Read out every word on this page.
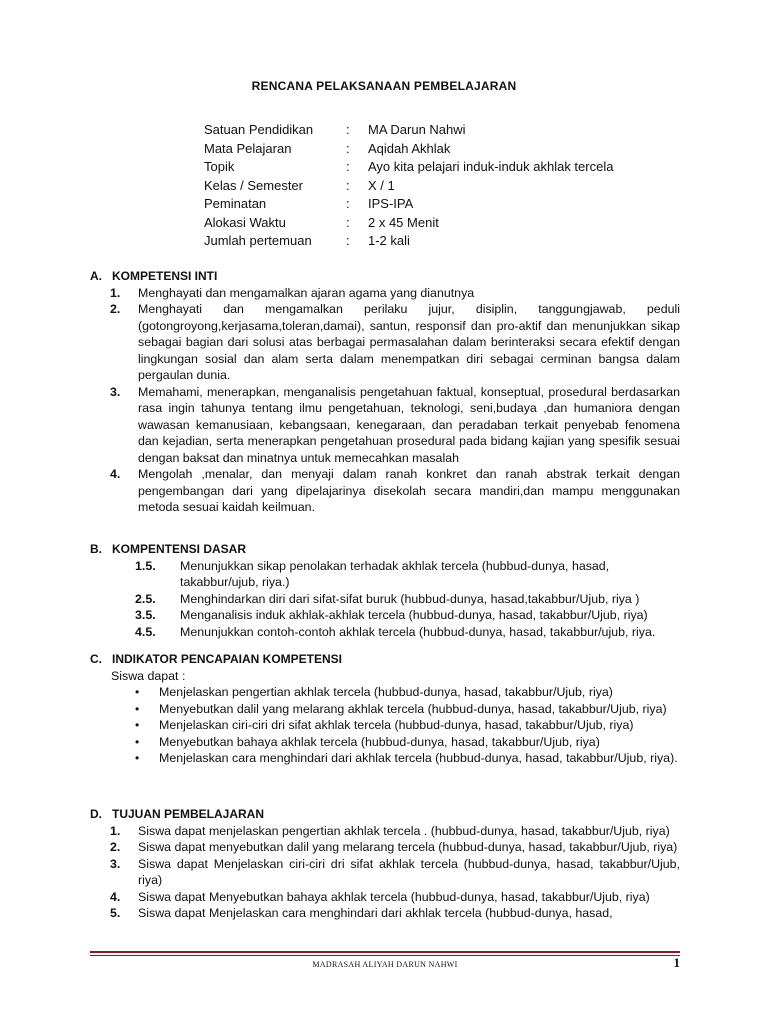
RENCANA PELAKSANAAN PEMBELAJARAN
Satuan Pendidikan	: MA Darun Nahwi
Mata Pelajaran	: Aqidah Akhlak
Topik	: Ayo kita pelajari induk-induk akhlak tercela
Kelas / Semester	: X / 1
Peminatan	: IPS-IPA
Alokasi Waktu	: 2 x 45 Menit
Jumlah pertemuan	: 1-2 kali
A. KOMPETENSI INTI
1. Menghayati dan mengamalkan ajaran agama yang dianutnya
2. Menghayati dan mengamalkan perilaku jujur, disiplin, tanggungjawab, peduli (gotongroyong,kerjasama,toleran,damai), santun, responsif dan pro-aktif dan menunjukkan sikap sebagai bagian dari solusi atas berbagai permasalahan dalam berinteraksi secara efektif dengan lingkungan sosial dan alam serta dalam menempatkan diri sebagai cerminan bangsa dalam pergaulan dunia.
3. Memahami, menerapkan, menganalisis pengetahuan faktual, konseptual, prosedural berdasarkan rasa ingin tahunya tentang ilmu pengetahuan, teknologi, seni,budaya ,dan humaniora dengan wawasan kemanusiaan, kebangsaan, kenegaraan, dan peradaban terkait penyebab fenomena dan kejadian, serta menerapkan pengetahuan prosedural pada bidang kajian yang spesifik sesuai dengan baksat dan minatnya untuk memecahkan masalah
4. Mengolah ,menalar, dan menyaji dalam ranah konkret dan ranah abstrak terkait dengan pengembangan dari yang dipelajarinya disekolah secara mandiri,dan mampu menggunakan metoda sesuai kaidah keilmuan.
B. KOMPENTENSI DASAR
1.5. Menunjukkan sikap penolakan terhadak akhlak tercela (hubbud-dunya, hasad, takabbur/ujub, riya.)
2.5. Menghindarkan diri dari sifat-sifat buruk (hubbud-dunya, hasad,takabbur/Ujub, riya )
3.5. Menganalisis induk akhlak-akhlak tercela (hubbud-dunya, hasad, takabbur/Ujub, riya)
4.5. Menunjukkan contoh-contoh akhlak tercela (hubbud-dunya, hasad, takabbur/ujub, riya.
C. INDIKATOR PENCAPAIAN KOMPETENSI
Siswa dapat :
• Menjelaskan pengertian akhlak tercela (hubbud-dunya, hasad, takabbur/Ujub, riya)
• Menyebutkan dalil yang melarang akhlak tercela (hubbud-dunya, hasad, takabbur/Ujub, riya)
• Menjelaskan ciri-ciri dri sifat akhlak tercela (hubbud-dunya, hasad, takabbur/Ujub, riya)
• Menyebutkan bahaya akhlak tercela (hubbud-dunya, hasad, takabbur/Ujub, riya)
• Menjelaskan cara menghindari dari akhlak tercela (hubbud-dunya, hasad, takabbur/Ujub, riya).
D. TUJUAN PEMBELAJARAN
1. Siswa dapat menjelaskan pengertian akhlak tercela . (hubbud-dunya, hasad, takabbur/Ujub, riya)
2. Siswa dapat menyebutkan dalil yang melarang tercela (hubbud-dunya, hasad, takabbur/Ujub, riya)
3. Siswa dapat Menjelaskan ciri-ciri dri sifat akhlak tercela (hubbud-dunya, hasad, takabbur/Ujub, riya)
4. Siswa dapat Menyebutkan bahaya akhlak tercela (hubbud-dunya, hasad, takabbur/Ujub, riya)
5. Siswa dapat Menjelaskan cara menghindari dari akhlak tercela (hubbud-dunya, hasad,
MADRASAH ALIYAH DARUN NAHWI	1
